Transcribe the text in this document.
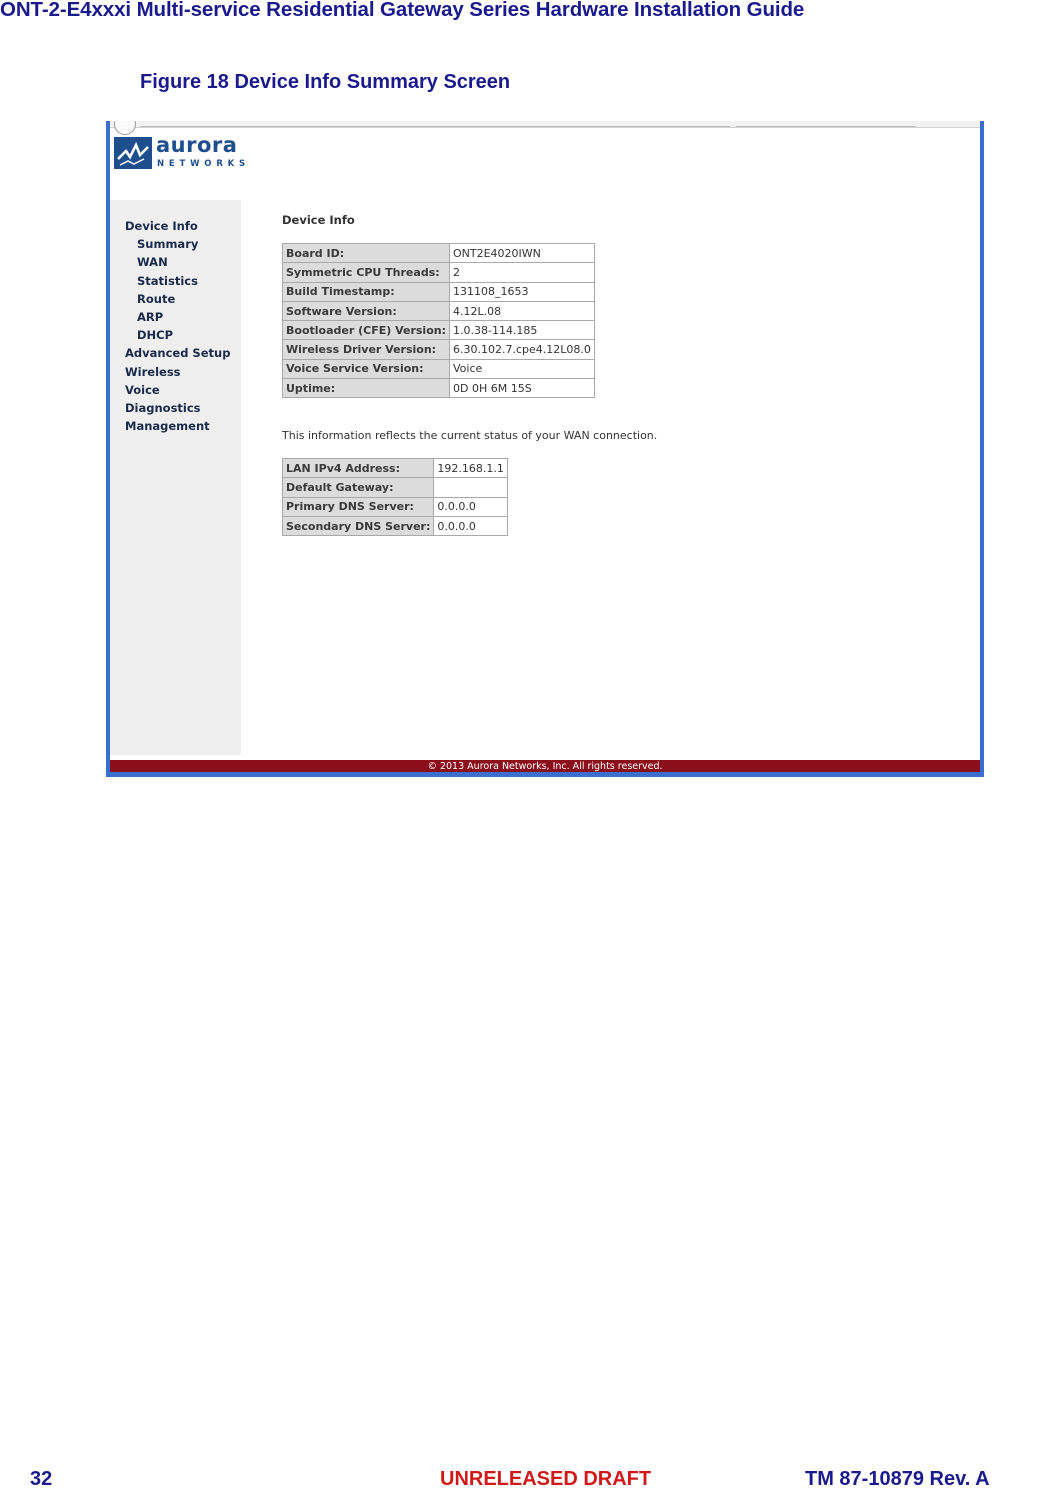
ONT-2-E4xxxi Multi-service Residential Gateway Series Hardware Installation Guide
Figure 18 Device Info Summary Screen
aurora
NETWORKS
Device Info
Summary
WAN
Statistics
Route
ARP
DHCP
Advanced Setup
Wireless
Voice
Diagnostics
Management
Device Info
Board ID:	ONT2E4020IWN
Symmetric CPU Threads:	2
Build Timestamp:	131108_1653
Software Version:	4.12L.08
Bootloader (CFE) Version:	1.0.38-114.185
Wireless Driver Version:	6.30.102.7.cpe4.12L08.0
Voice Service Version:	Voice
Uptime:	0D 0H 6M 15S
This information reflects the current status of your WAN connection.
LAN IPv4 Address:	192.168.1.1
Default Gateway:	
Primary DNS Server:	0.0.0.0
Secondary DNS Server:	0.0.0.0
© 2013 Aurora Networks, Inc. All rights reserved.
32	UNRELEASED DRAFT	TM 87-10879 Rev. A
